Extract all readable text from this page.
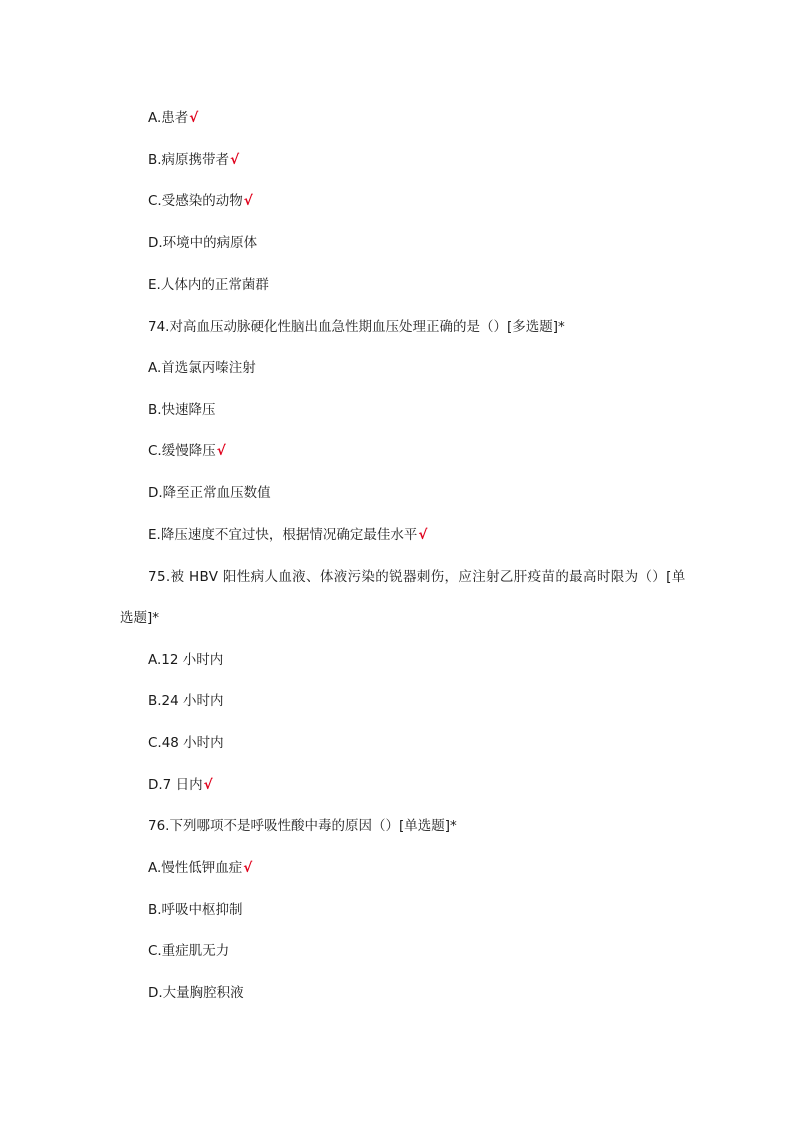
A.患者√
B.病原携带者√
C.受感染的动物√
D.环境中的病原体
E.人体内的正常菌群
74.对高血压动脉硬化性脑出血急性期血压处理正确的是（）[多选题]*
A.首选氯丙嗪注射
B.快速降压
C.缓慢降压√
D.降至正常血压数值
E.降压速度不宜过快，根据情况确定最佳水平√
75.被 HBV 阳性病人血液、体液污染的锐器刺伤，应注射乙肝疫苗的最高时限为（）[单
选题]*
A.12 小时内
B.24 小时内
C.48 小时内
D.7 日内√
76.下列哪项不是呼吸性酸中毒的原因（）[单选题]*
A.慢性低钾血症√
B.呼吸中枢抑制
C.重症肌无力
D.大量胸腔积液
